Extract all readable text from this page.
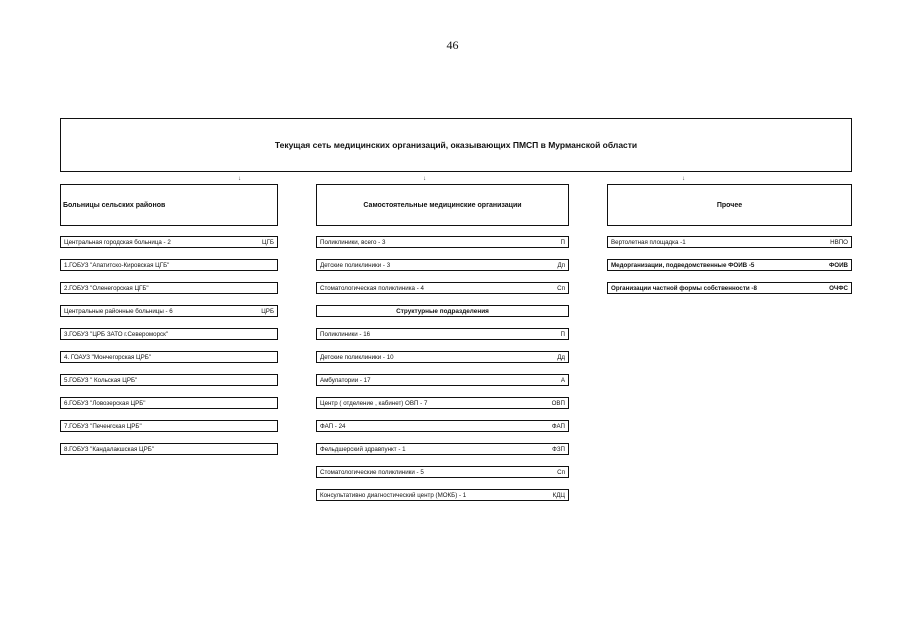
46
Текущая сеть медицинских организаций, оказывающих ПМСП в Мурманской области
↓	↓	↓
Больницы сельских районов
Центральная городская больница - 2	ЦГБ
1.ГОБУЗ "Апатитско-Кировская ЦГБ"
2.ГОБУЗ "Оленегорская ЦГБ"
Центральные районные больницы - 6	ЦРБ
3.ГОБУЗ "ЦРБ ЗАТО г.Североморск"
4. ГОАУЗ "Мончегорская ЦРБ"
5.ГОБУЗ " Кольская ЦРБ"
6.ГОБУЗ "Ловозерская ЦРБ"
7.ГОБУЗ "Печенгская ЦРБ"
8.ГОБУЗ "Кандалакшская ЦРБ"
Самостоятельные медицинские организации
Поликлиники, всего - 3	П
Детские поликлиники - 3	Дп
Стоматологическая поликлиника - 4	Сп
Структурные подразделения
Поликлиники - 16	П
Детские поликлиники - 10	Дд
Амбулатории - 17	А
Центр ( отделение , кабинет) ОВП - 7	ОВП
ФАП - 24	ФАП
Фельдшерский здравпункт - 1	ФЗП
Стоматологические поликлиники - 5	Сп
Консультативно диагностический центр (МОКБ) - 1	КДЦ
Прочее
Вертолетная площадка -1	НВПО
Медорганизации, подведомственные ФОИВ -5	ФОИВ
Организации частной формы собственности -8	ОЧФС
